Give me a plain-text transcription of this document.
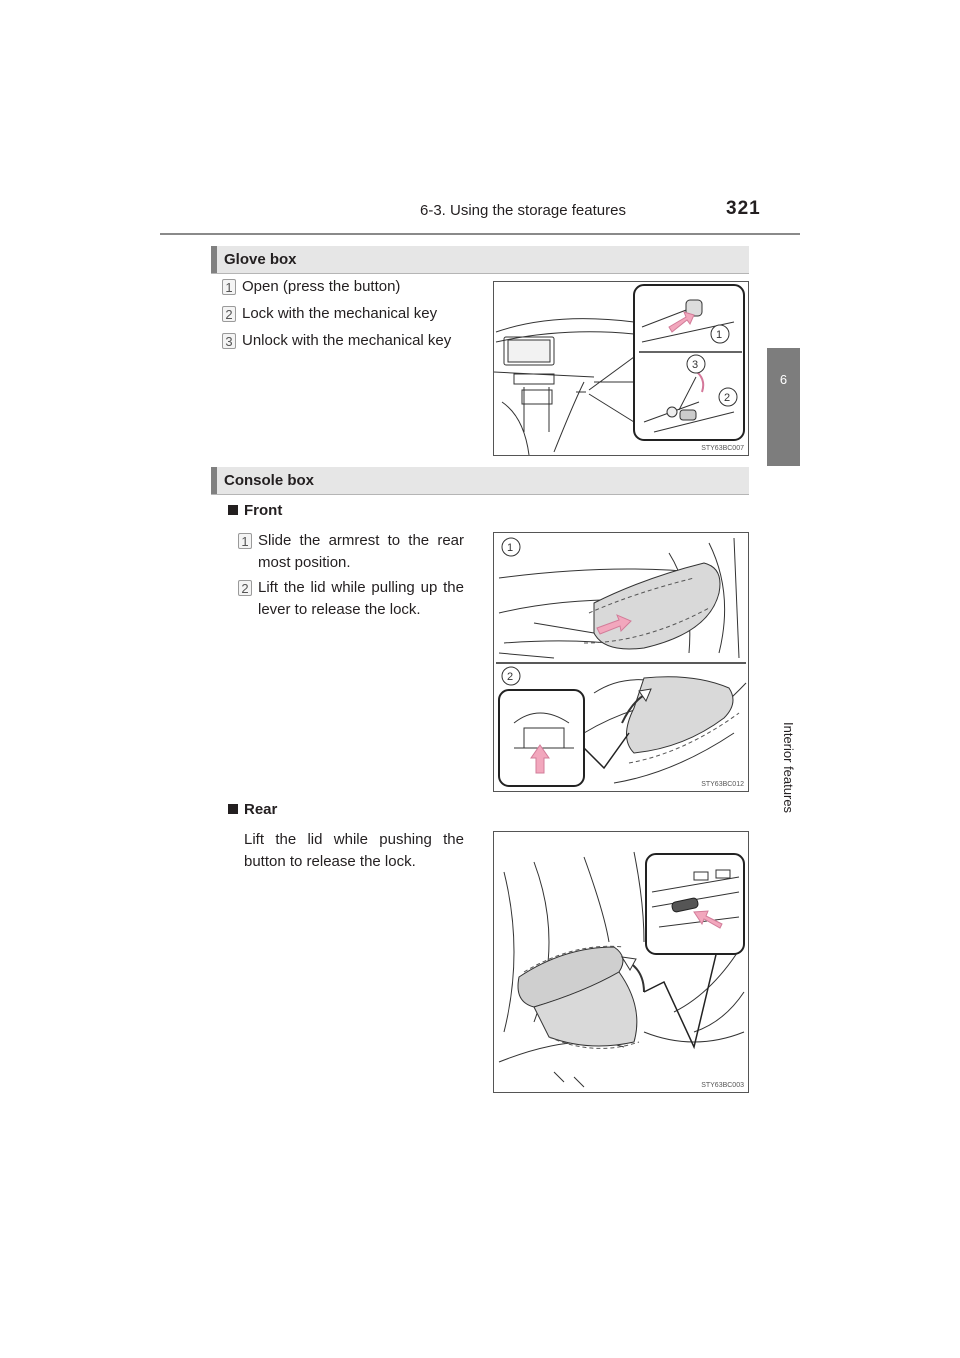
6-3. Using the storage features	321
6
Interior features
Glove box
1 Open (press the button)
2 Lock with the mechanical key
3 Unlock with the mechanical key	1
3
2
STY63BC007
Console box
Front
1 Slide the armrest to the rear most position.
2 Lift the lid while pulling up the lever to release the lock.
1
2
STY63BC012
Rear
Lift the lid while pushing the button to release the lock.
STY63BC003
